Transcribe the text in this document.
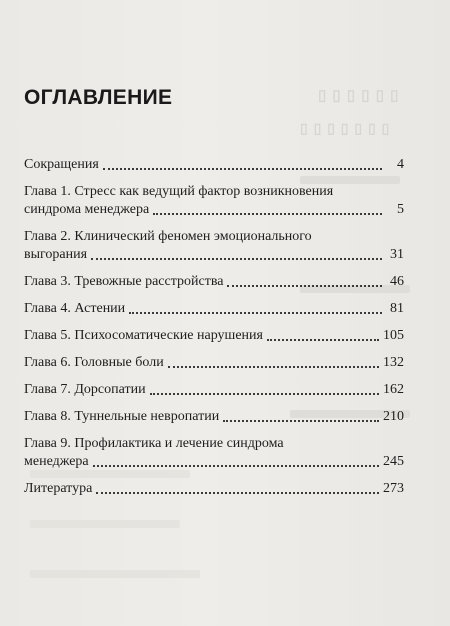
▯ ▯ ▯ ▯ ▯ ▯
▯ ▯ ▯ ▯ ▯ ▯ ▯
ОГЛАВЛЕНИЕ
Сокращения	4
Глава 1. Стресс как ведущий фактор возникновения
синдрома менеджера	5
Глава 2. Клинический феномен эмоционального
выгорания	31
Глава 3. Тревожные расстройства	46
Глава 4. Астении	81
Глава 5. Психосоматические нарушения	105
Глава 6. Головные боли	132
Глава 7. Дорсопатии	162
Глава 8. Туннельные невропатии	210
Глава 9. Профилактика и лечение синдрома
менеджера	245
Литература	273
